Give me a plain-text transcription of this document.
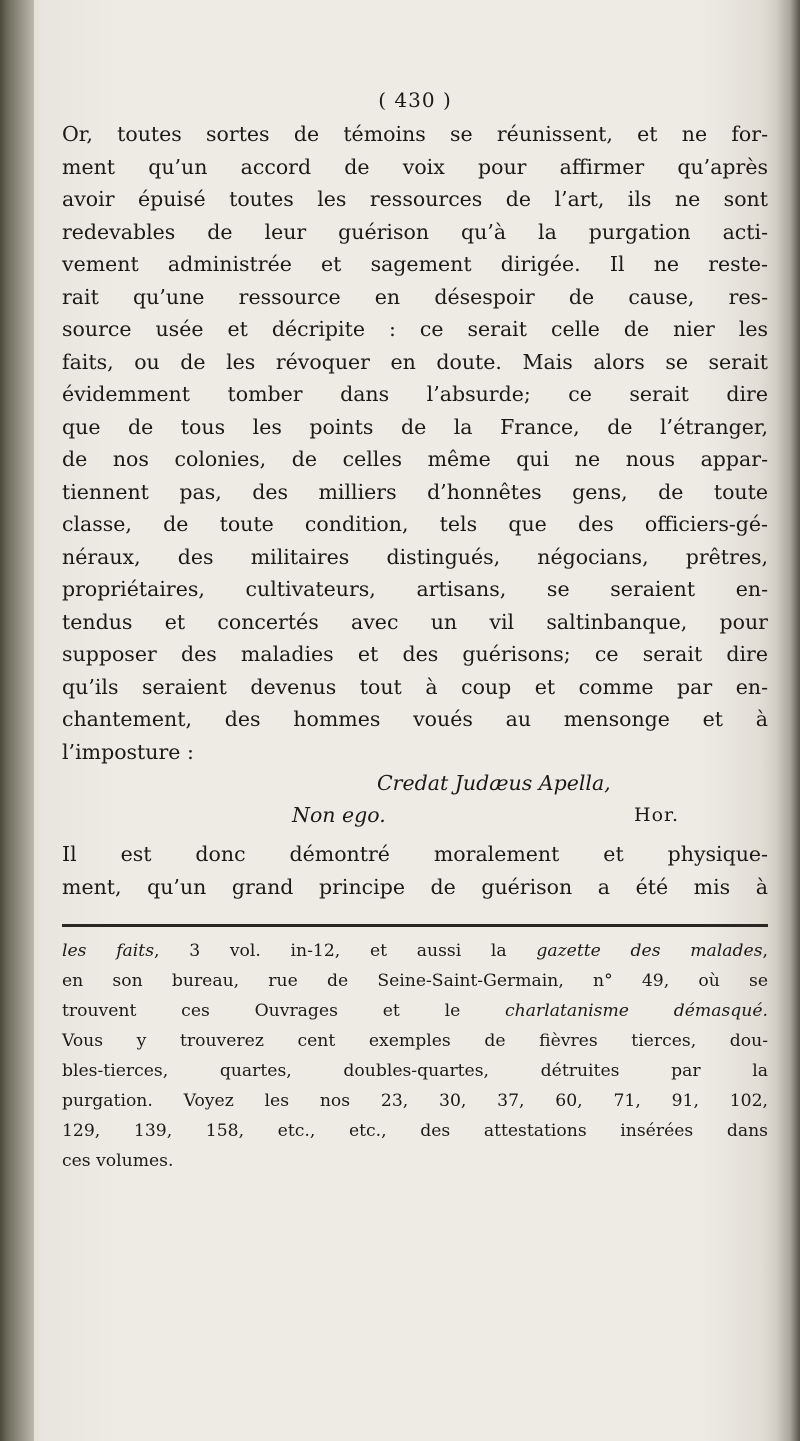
( 430 )
Or, toutes sortes de témoins se réunissent, et ne for-
ment qu’un accord de voix pour affirmer qu’après
avoir épuisé toutes les ressources de l’art, ils ne sont
redevables de leur guérison qu’à la purgation acti-
vement administrée et sagement dirigée. Il ne reste-
rait qu’une ressource en désespoir de cause, res-
source usée et décripite : ce serait celle de nier les
faits, ou de les révoquer en doute. Mais alors se serait
évidemment tomber dans l’absurde; ce serait dire
que de tous les points de la France, de l’étranger,
de nos colonies, de celles même qui ne nous appar-
tiennent pas, des milliers d’honnêtes gens, de toute
classe, de toute condition, tels que des officiers-gé-
néraux, des militaires distingués, négocians, prêtres,
propriétaires, cultivateurs, artisans, se seraient en-
tendus et concertés avec un vil saltinbanque, pour
supposer des maladies et des guérisons; ce serait dire
qu’ils seraient devenus tout à coup et comme par en-
chantement, des hommes voués au mensonge et à
l’imposture :
Credat Judæus Apella,
Non ego.	Hor.
Il est donc démontré moralement et physique-
ment, qu’un grand principe de guérison a été mis à
les faits, 3 vol. in-12, et aussi la gazette des malades,
en son bureau, rue de Seine-Saint-Germain, n° 49, où se
trouvent ces Ouvrages et le charlatanisme démasqué.
Vous y trouverez cent exemples de fièvres tierces, dou-
bles-tierces, quartes, doubles-quartes, détruites par la
purgation. Voyez les nos 23, 30, 37, 60, 71, 91, 102,
129, 139, 158, etc., etc., des attestations insérées dans
ces volumes.
